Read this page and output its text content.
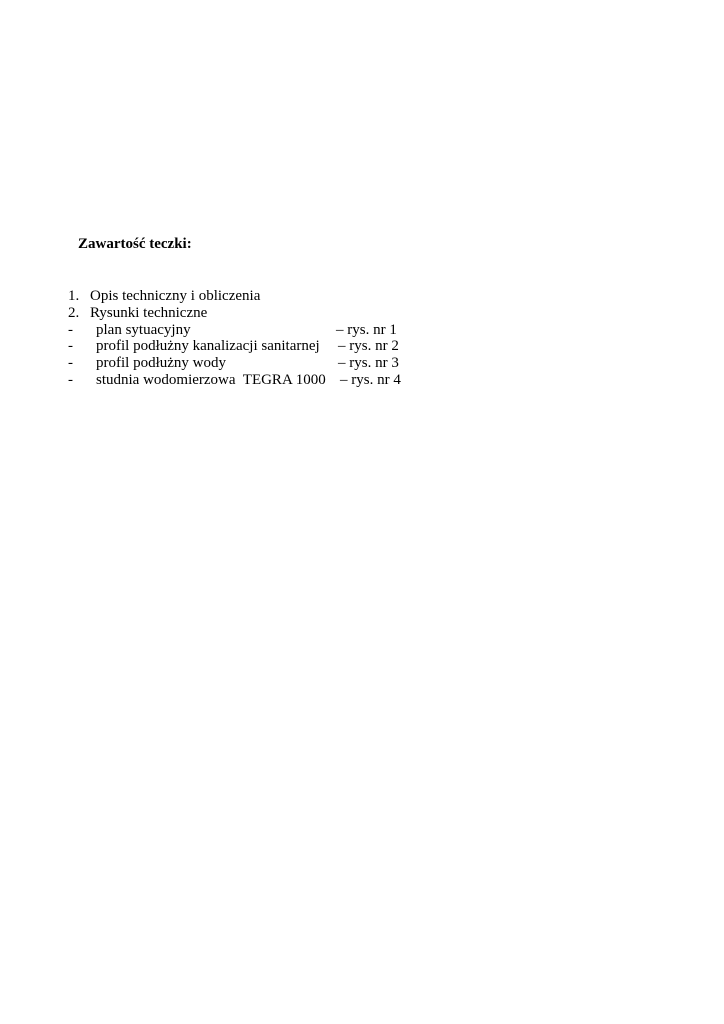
Zawartość teczki:
1. Opis techniczny i obliczenia
2. Rysunki techniczne
- plan sytuacyjny	– rys. nr 1
- profil podłużny kanalizacji sanitarnej – rys. nr 2
- profil podłużny wody	– rys. nr 3
- studnia wodomierzowa  TEGRA 1000 – rys. nr 4
